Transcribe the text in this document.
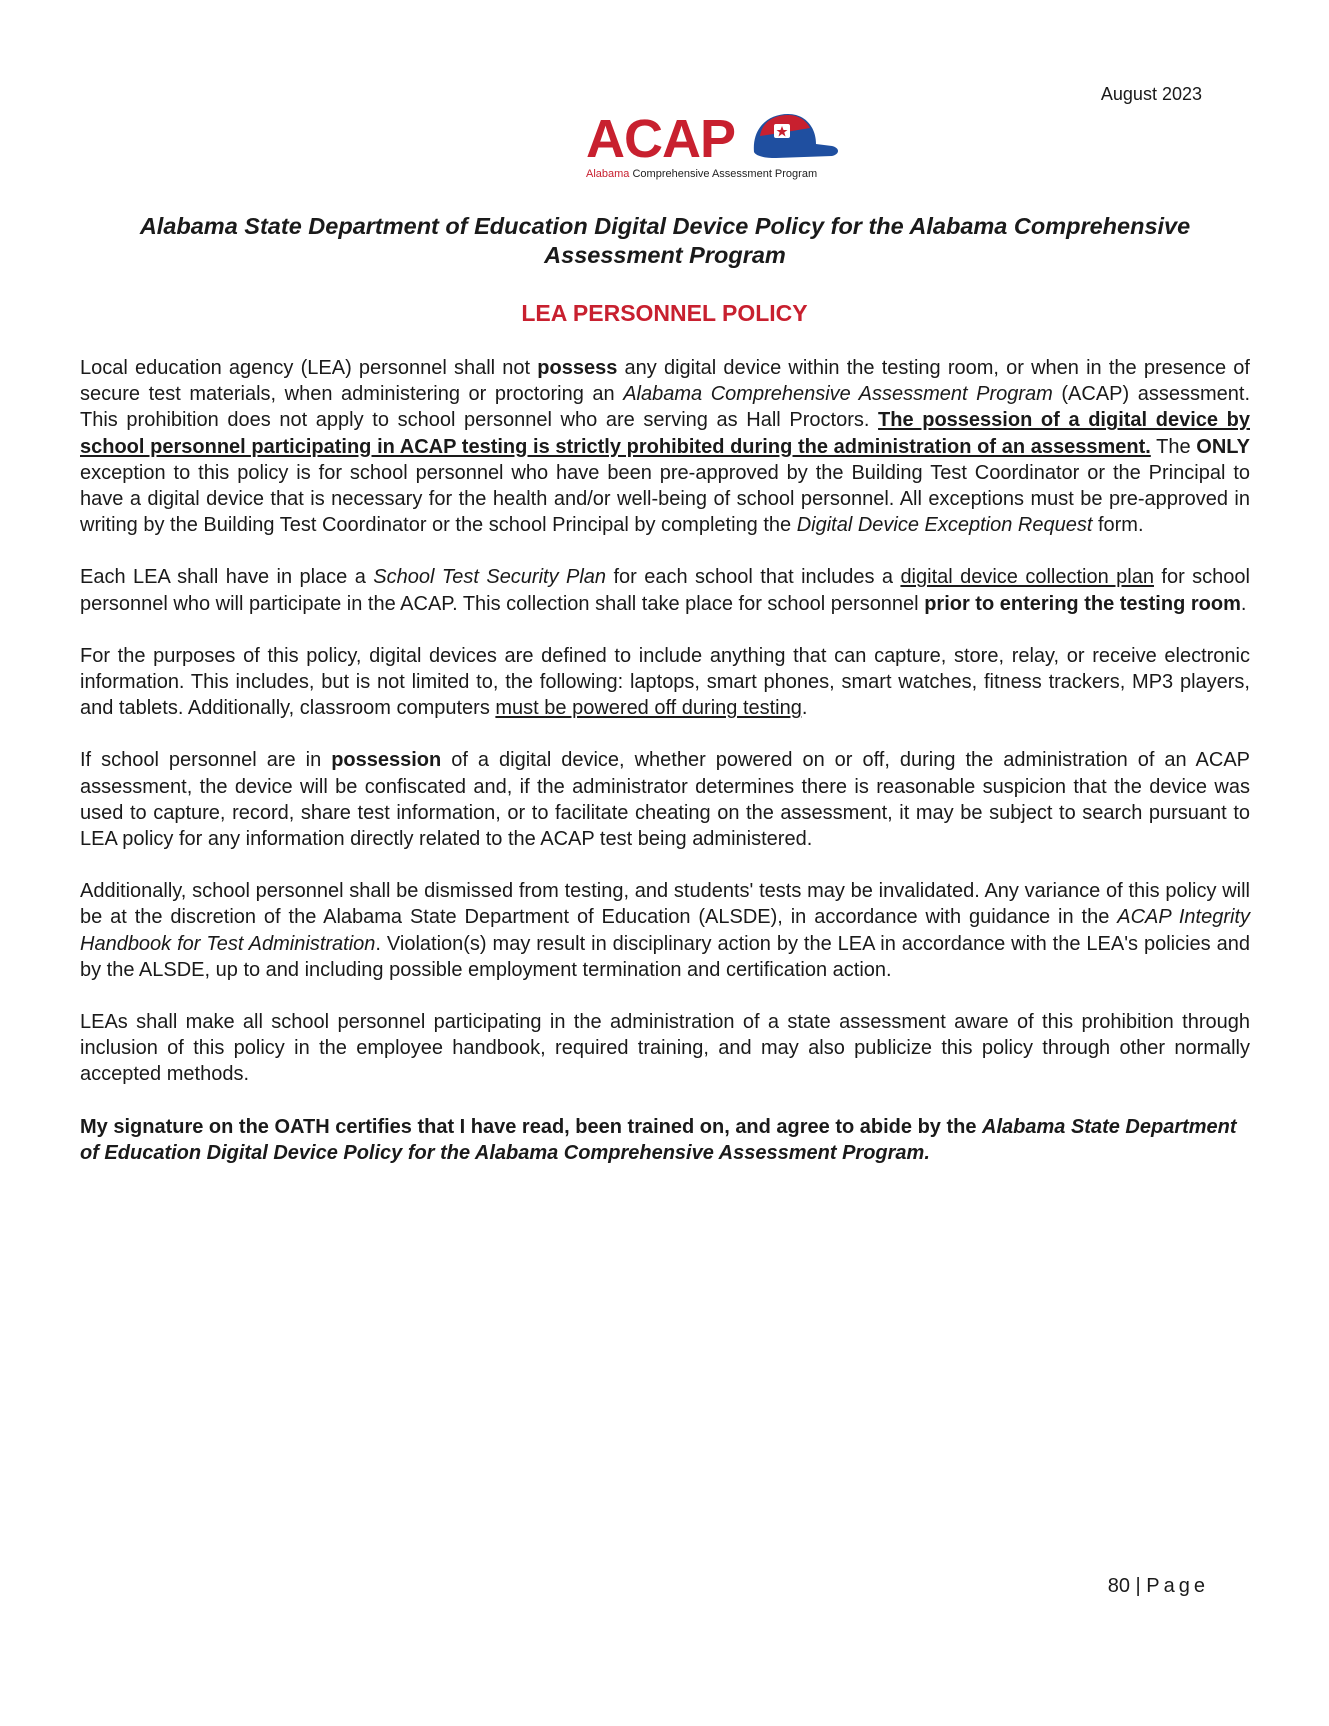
August 2023
ACAP
Alabama Comprehensive Assessment Program
Alabama State Department of Education Digital Device Policy for the Alabama Comprehensive Assessment Program
LEA PERSONNEL POLICY

Local education agency (LEA) personnel shall not possess any digital device within the testing room, or when in the presence of secure test materials, when administering or proctoring an Alabama Comprehensive Assessment Program (ACAP) assessment. This prohibition does not apply to school personnel who are serving as Hall Proctors. The possession of a digital device by school personnel participating in ACAP testing is strictly prohibited during the administration of an assessment. The ONLY exception to this policy is for school personnel who have been pre-approved by the Building Test Coordinator or the Principal to have a digital device that is necessary for the health and/or well-being of school personnel. All exceptions must be pre-approved in writing by the Building Test Coordinator or the school Principal by completing the Digital Device Exception Request form.

Each LEA shall have in place a School Test Security Plan for each school that includes a digital device collection plan for school personnel who will participate in the ACAP. This collection shall take place for school personnel prior to entering the testing room.

For the purposes of this policy, digital devices are defined to include anything that can capture, store, relay, or receive electronic information. This includes, but is not limited to, the following: laptops, smart phones, smart watches, fitness trackers, MP3 players, and tablets. Additionally, classroom computers must be powered off during testing.

If school personnel are in possession of a digital device, whether powered on or off, during the administration of an ACAP assessment, the device will be confiscated and, if the administrator determines there is reasonable suspicion that the device was used to capture, record, share test information, or to facilitate cheating on the assessment, it may be subject to search pursuant to LEA policy for any information directly related to the ACAP test being administered.

Additionally, school personnel shall be dismissed from testing, and students' tests may be invalidated. Any variance of this policy will be at the discretion of the Alabama State Department of Education (ALSDE), in accordance with guidance in the ACAP Integrity Handbook for Test Administration. Violation(s) may result in disciplinary action by the LEA in accordance with the LEA's policies and by the ALSDE, up to and including possible employment termination and certification action.

LEAs shall make all school personnel participating in the administration of a state assessment aware of this prohibition through inclusion of this policy in the employee handbook, required training, and may also publicize this policy through other normally accepted methods.

My signature on the OATH certifies that I have read, been trained on, and agree to abide by the Alabama State Department of Education Digital Device Policy for the Alabama Comprehensive Assessment Program.

80 | Page
